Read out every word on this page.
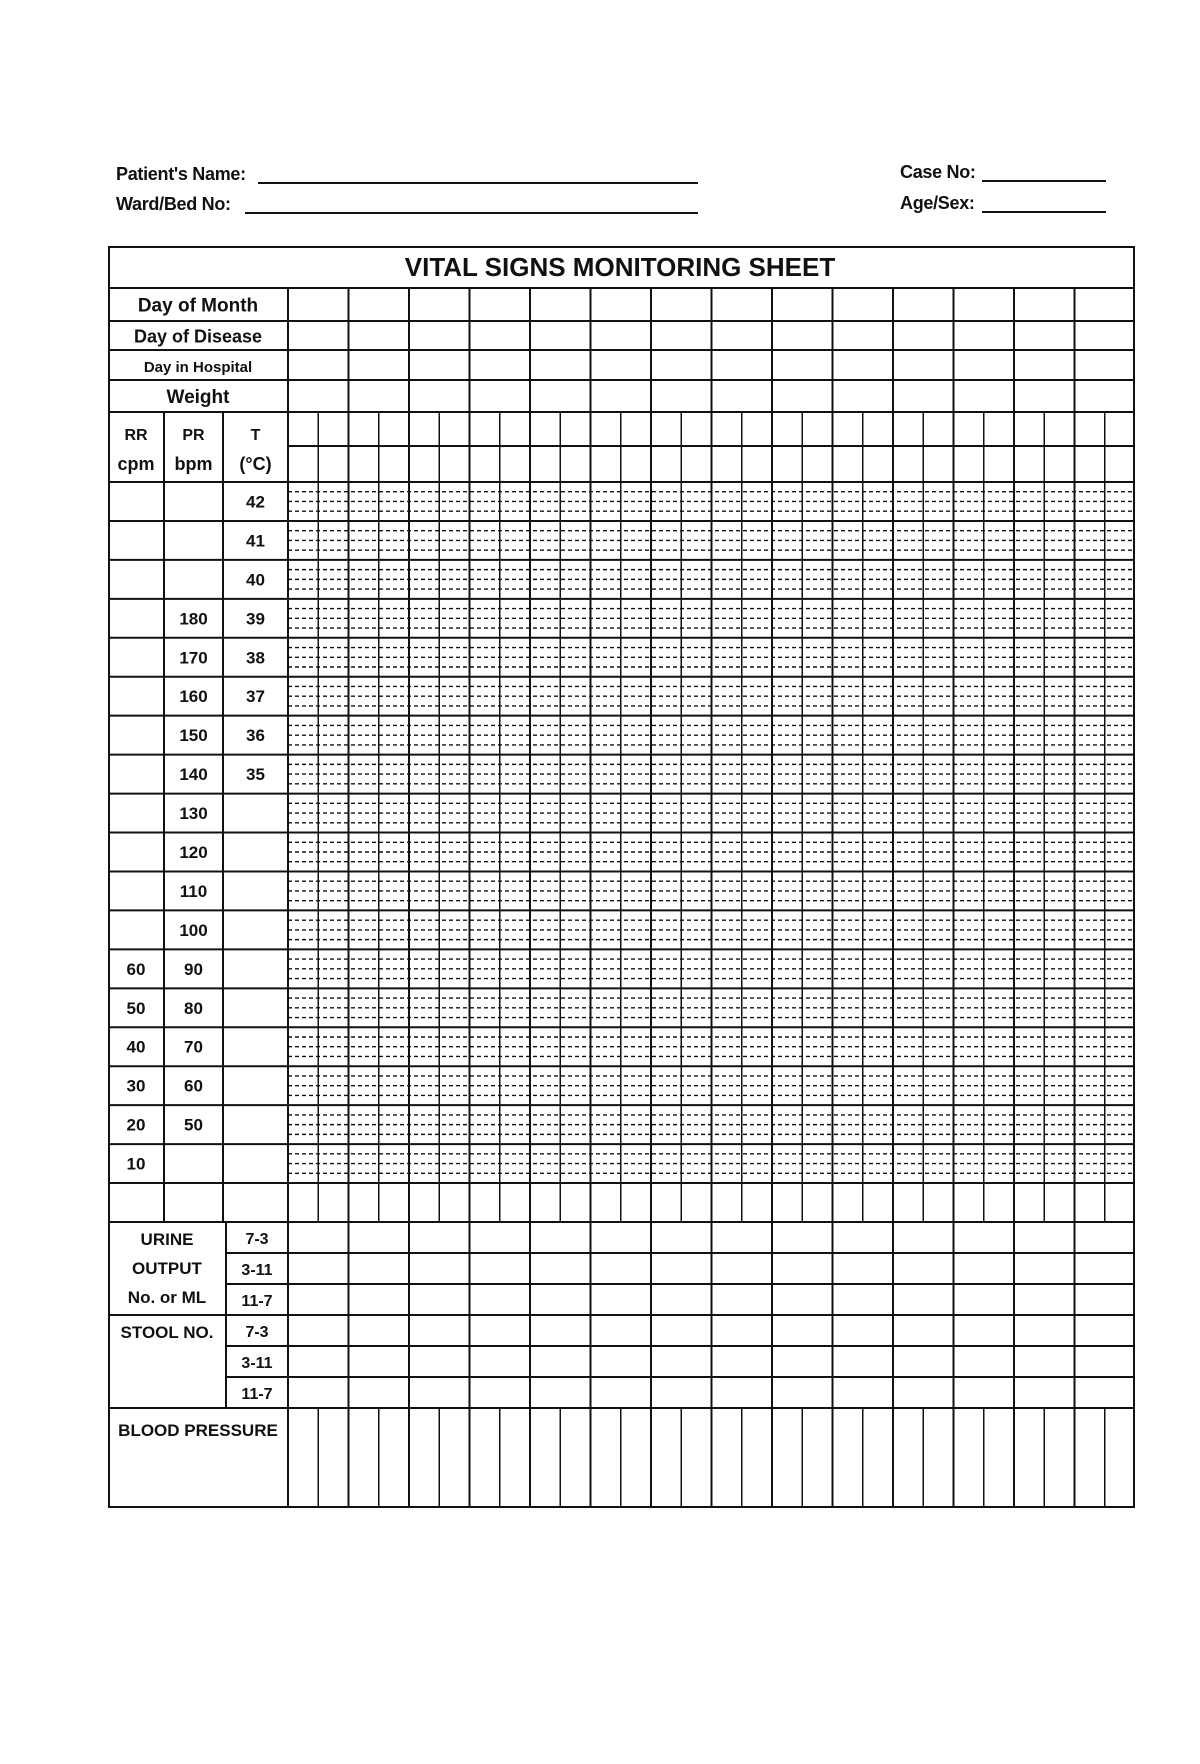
Patient's Name:
Ward/Bed No:
Case No:
Age/Sex:
VITAL SIGNS MONITORING SHEET
Day of Month
Day of Disease
Day in Hospital
Weight
RR
cpm
PR
bpm
T
(°C)
42
41
40
180 39
170 38
160 37
150 36
140 35
130
120
110
100
60 90
50 80
40 70
30 60
20 50
10
URINE
OUTPUT
No. or ML
STOOL NO.
7-3
3-11
11-7
7-3
3-11
11-7
BLOOD PRESSURE
